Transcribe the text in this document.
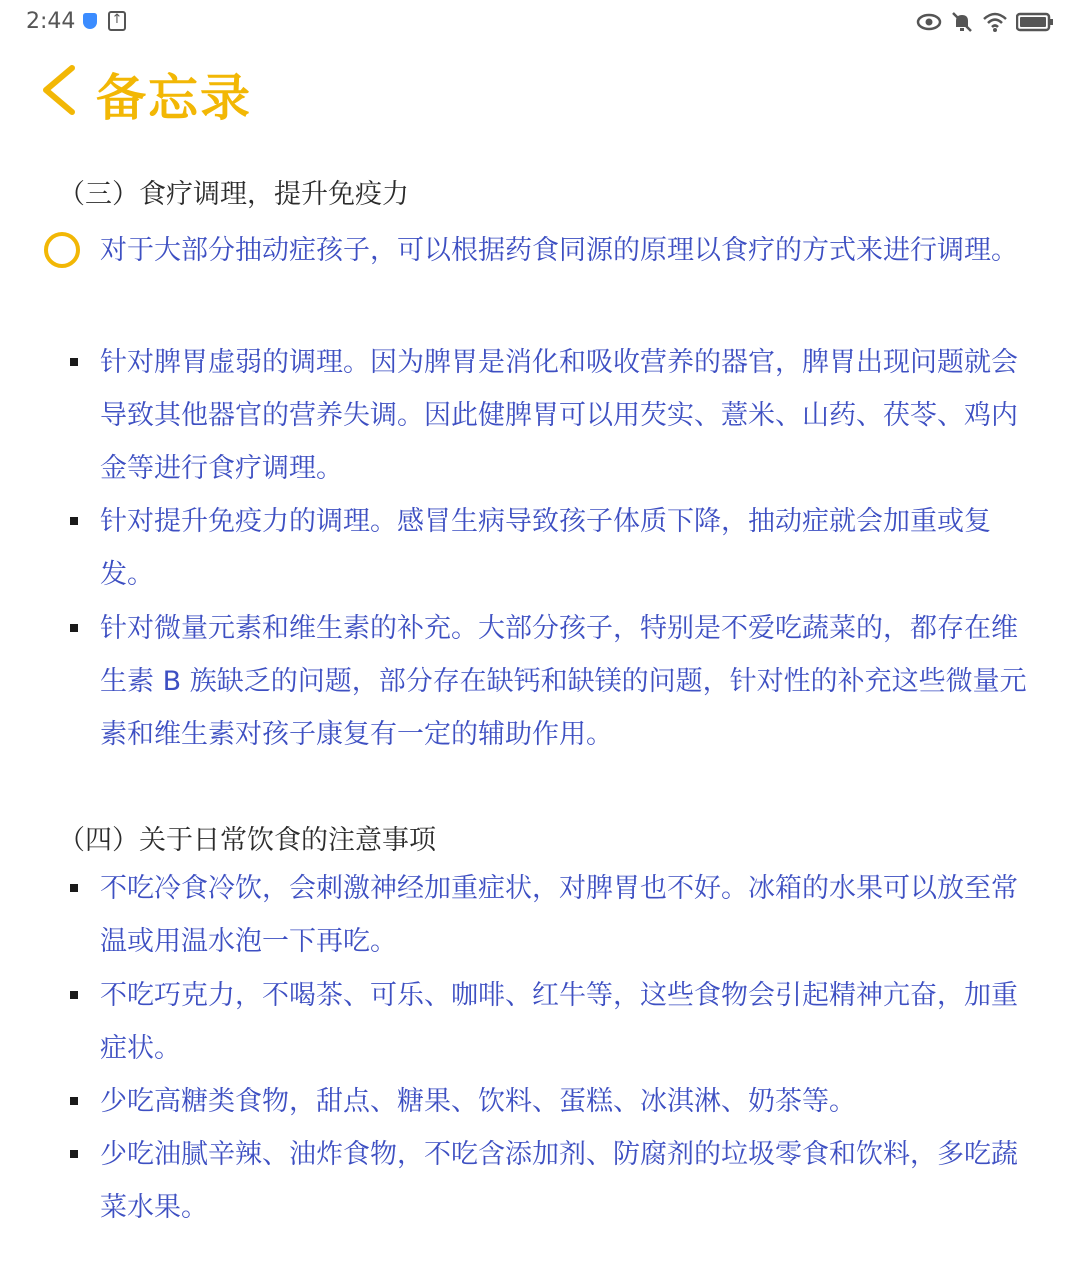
2:44	↑
备忘录
（三）食疗调理，提升免疫力
对于大部分抽动症孩子，可以根据药食同源的原理以食疗的方式来进行调理。
针对脾胃虚弱的调理。因为脾胃是消化和吸收营养的器官，脾胃出现问题就会导致其他器官的营养失调。因此健脾胃可以用芡实、薏米、山药、茯苓、鸡内金等进行食疗调理。
针对提升免疫力的调理。感冒生病导致孩子体质下降，抽动症就会加重或复发。
针对微量元素和维生素的补充。大部分孩子，特别是不爱吃蔬菜的，都存在维生素 B 族缺乏的问题，部分存在缺钙和缺镁的问题，针对性的补充这些微量元素和维生素对孩子康复有一定的辅助作用。
（四）关于日常饮食的注意事项
不吃冷食冷饮，会刺激神经加重症状，对脾胃也不好。冰箱的水果可以放至常温或用温水泡一下再吃。
不吃巧克力，不喝茶、可乐、咖啡、红牛等，这些食物会引起精神亢奋，加重症状。
少吃高糖类食物，甜点、糖果、饮料、蛋糕、冰淇淋、奶茶等。
少吃油腻辛辣、油炸食物，不吃含添加剂、防腐剂的垃圾零食和饮料，多吃蔬菜水果。
